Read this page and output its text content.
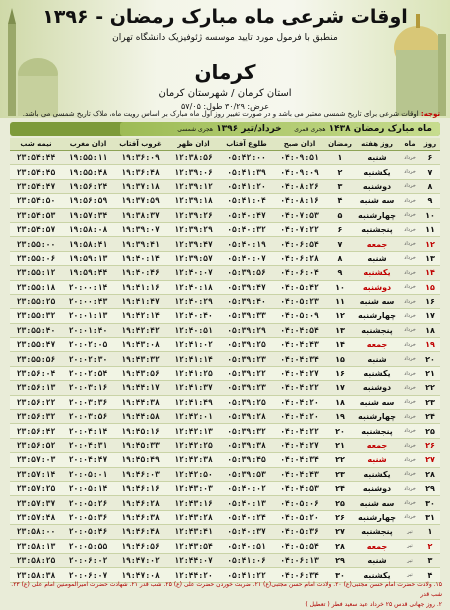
اوقات شرعی ماه مبارک رمضان - ۱۳۹۶
منطبق با فرمول مورد تایید موسسه ژئوفیزیک دانشگاه تهران
کرمان
استان کرمان / شهرستان کرمان
عرض: ۳۰/۲۹ طول: ۵۷/۰۵
توجه: اوقات شرعی برای تاریخ شمسی معتبر می باشد و در صورت تغییر روز اول ماه مبارک بر اساس رویت ماه، ملاک تاریخ شمسی می باشد.
ماه مبارک رمضان ۱۴۳۸ هجری قمری    خرداد/تیر ۱۳۹۶ هجری شمسی
روز	ماه	روز هفته	رمضان	اذان صبح	طلوع آفتاب	اذان ظهر	غروب آفتاب	اذان مغرب	نیمه شب
۶	خرداد	شنبه	۱	۰۴:۰۹:۵۱	۰۵:۴۲:۰۰	۱۲:۳۸:۵۶	۱۹:۳۶:۰۹	۱۹:۵۵:۱۱	۲۳:۵۴:۴۴
۷	خرداد	یکشنبه	۲	۰۴:۰۹:۰۹	۰۵:۴۱:۳۹	۱۲:۳۹:۰۶	۱۹:۳۶:۴۸	۱۹:۵۵:۴۸	۲۳:۵۴:۴۵
۸	خرداد	دوشنبه	۳	۰۴:۰۸:۲۶	۰۵:۴۱:۲۰	۱۲:۳۹:۱۲	۱۹:۳۷:۱۸	۱۹:۵۶:۲۴	۲۳:۵۴:۴۷
۹	خرداد	سه شنبه	۴	۰۴:۰۸:۱۶	۰۵:۴۱:۰۴	۱۲:۳۹:۱۸	۱۹:۳۷:۵۹	۱۹:۵۶:۵۹	۲۳:۵۴:۵۰
۱۰	خرداد	چهارشنبه	۵	۰۴:۰۷:۵۳	۰۵:۴۰:۴۷	۱۲:۳۹:۲۶	۱۹:۳۸:۳۷	۱۹:۵۷:۳۴	۲۳:۵۴:۵۳
۱۱	خرداد	پنجشنبه	۶	۰۴:۰۷:۲۲	۰۵:۴۰:۳۲	۱۲:۳۹:۲۹	۱۹:۳۹:۰۷	۱۹:۵۸:۰۸	۲۳:۵۴:۵۷
۱۲	خرداد	جمعه	۷	۰۴:۰۶:۵۴	۰۵:۴۰:۱۹	۱۲:۳۹:۴۷	۱۹:۳۹:۴۱	۱۹:۵۸:۴۱	۲۳:۵۵:۰۰
۱۳	خرداد	شنبه	۸	۰۴:۰۶:۲۸	۰۵:۴۰:۰۷	۱۲:۳۹:۵۷	۱۹:۴۰:۱۴	۱۹:۵۹:۱۳	۲۳:۵۵:۰۶
۱۴	خرداد	یکشنبه	۹	۰۴:۰۶:۰۴	۰۵:۳۹:۵۶	۱۲:۴۰:۰۷	۱۹:۴۰:۴۶	۱۹:۵۹:۴۴	۲۳:۵۵:۱۲
۱۵	خرداد	دوشنبه	۱۰	۰۴:۰۵:۴۲	۰۵:۳۹:۴۷	۱۲:۴۰:۱۸	۱۹:۴۱:۱۶	۲۰:۰۰:۱۴	۲۳:۵۵:۱۸
۱۶	خرداد	سه شنبه	۱۱	۰۴:۰۵:۲۳	۰۵:۳۹:۴۰	۱۲:۴۰:۲۹	۱۹:۴۱:۴۷	۲۰:۰۰:۴۳	۲۳:۵۵:۲۵
۱۷	خرداد	چهارشنبه	۱۲	۰۴:۰۵:۰۹	۰۵:۳۹:۳۳	۱۲:۴۰:۴۰	۱۹:۴۲:۱۴	۲۰:۰۱:۱۳	۲۳:۵۵:۳۲
۱۸	خرداد	پنجشنبه	۱۳	۰۴:۰۴:۵۴	۰۵:۳۹:۲۹	۱۲:۴۰:۵۱	۱۹:۴۲:۴۲	۲۰:۰۱:۴۰	۲۳:۵۵:۴۰
۱۹	خرداد	جمعه	۱۴	۰۴:۰۴:۴۳	۰۵:۳۹:۲۵	۱۲:۴۱:۰۲	۱۹:۴۳:۰۸	۲۰:۰۲:۰۵	۲۳:۵۵:۴۷
۲۰	خرداد	شنبه	۱۵	۰۴:۰۴:۳۴	۰۵:۳۹:۲۳	۱۲:۴۱:۱۴	۱۹:۴۳:۳۲	۲۰:۰۲:۳۰	۲۳:۵۵:۵۶
۲۱	خرداد	یکشنبه	۱۶	۰۴:۰۴:۲۷	۰۵:۳۹:۲۲	۱۲:۴۱:۲۵	۱۹:۴۳:۵۶	۲۰:۰۲:۵۴	۲۳:۵۶:۰۴
۲۲	خرداد	دوشنبه	۱۷	۰۴:۰۴:۲۲	۰۵:۳۹:۲۳	۱۲:۴۱:۳۷	۱۹:۴۴:۱۷	۲۰:۰۳:۱۶	۲۳:۵۶:۱۳
۲۳	خرداد	سه شنبه	۱۸	۰۴:۰۴:۲۰	۰۵:۳۹:۲۵	۱۲:۴۱:۴۹	۱۹:۴۴:۳۸	۲۰:۰۳:۳۶	۲۳:۵۶:۲۲
۲۴	خرداد	چهارشنبه	۱۹	۰۴:۰۴:۲۰	۰۵:۳۹:۲۸	۱۲:۴۲:۰۱	۱۹:۴۴:۵۸	۲۰:۰۳:۵۶	۲۳:۵۶:۳۲
۲۵	خرداد	پنجشنبه	۲۰	۰۴:۰۴:۲۲	۰۵:۳۹:۳۲	۱۲:۴۲:۱۳	۱۹:۴۵:۱۶	۲۰:۰۴:۱۴	۲۳:۵۶:۴۲
۲۶	خرداد	جمعه	۲۱	۰۴:۰۴:۲۷	۰۵:۳۹:۳۸	۱۲:۴۲:۲۵	۱۹:۴۵:۳۳	۲۰:۰۴:۳۱	۲۳:۵۶:۵۲
۲۷	خرداد	شنبه	۲۲	۰۴:۰۴:۳۴	۰۵:۳۹:۴۵	۱۲:۴۲:۳۸	۱۹:۴۵:۴۹	۲۰:۰۴:۴۷	۲۳:۵۷:۰۳
۲۸	خرداد	یکشنبه	۲۳	۰۴:۰۴:۴۳	۰۵:۳۹:۵۳	۱۲:۴۲:۵۰	۱۹:۴۶:۰۳	۲۰:۰۵:۰۱	۲۳:۵۷:۱۴
۲۹	خرداد	دوشنبه	۲۴	۰۴:۰۴:۵۳	۰۵:۴۰:۰۲	۱۲:۴۳:۰۳	۱۹:۴۶:۱۶	۲۰:۰۵:۱۴	۲۳:۵۷:۲۵
۳۰	خرداد	سه شنبه	۲۵	۰۴:۰۵:۰۶	۰۵:۴۰:۱۳	۱۲:۴۳:۱۶	۱۹:۴۶:۲۸	۲۰:۰۵:۲۶	۲۳:۵۷:۳۷
۳۱	خرداد	چهارشنبه	۲۶	۰۴:۰۵:۲۰	۰۵:۴۰:۲۴	۱۲:۴۳:۲۸	۱۹:۴۶:۳۸	۲۰:۰۵:۳۶	۲۳:۵۷:۴۸
۱	تیر	پنجشنبه	۲۷	۰۴:۰۵:۳۶	۰۵:۴۰:۳۷	۱۲:۴۳:۴۱	۱۹:۴۶:۴۸	۲۰:۰۵:۴۶	۲۳:۵۸:۰۰
۲	تیر	جمعه	۲۸	۰۴:۰۵:۵۴	۰۵:۴۰:۵۱	۱۲:۴۳:۵۴	۱۹:۴۶:۵۶	۲۰:۰۵:۵۵	۲۳:۵۸:۱۳
۳	تیر	شنبه	۲۹	۰۴:۰۶:۱۳	۰۵:۴۱:۰۶	۱۲:۴۴:۰۷	۱۹:۴۷:۰۲	۲۰:۰۶:۰۲	۲۳:۵۸:۲۵
۴	تیر	یکشنبه	۳۰	۰۴:۰۶:۳۴	۰۵:۴۱:۲۲	۱۲:۴۴:۲۰	۱۹:۴۷:۰۸	۲۰:۰۶:۰۷	۲۳:۵۸:۳۸
۱۵. ولادت حضرت امام حسن مجتبی(ع) ۲۰. ولادت امام حسن مجتبی(ع) ۲۱. ضربت خوردن حضرت علی (ع) ۲۵. شب قدر ۲۱. شهادت حضرت امیرالمومنین امام علی (ع) ۲۳. شب قدر
۲. روز جهانی قدس ۲۵ خرداد عید سعید فطر ( تعطیل )
